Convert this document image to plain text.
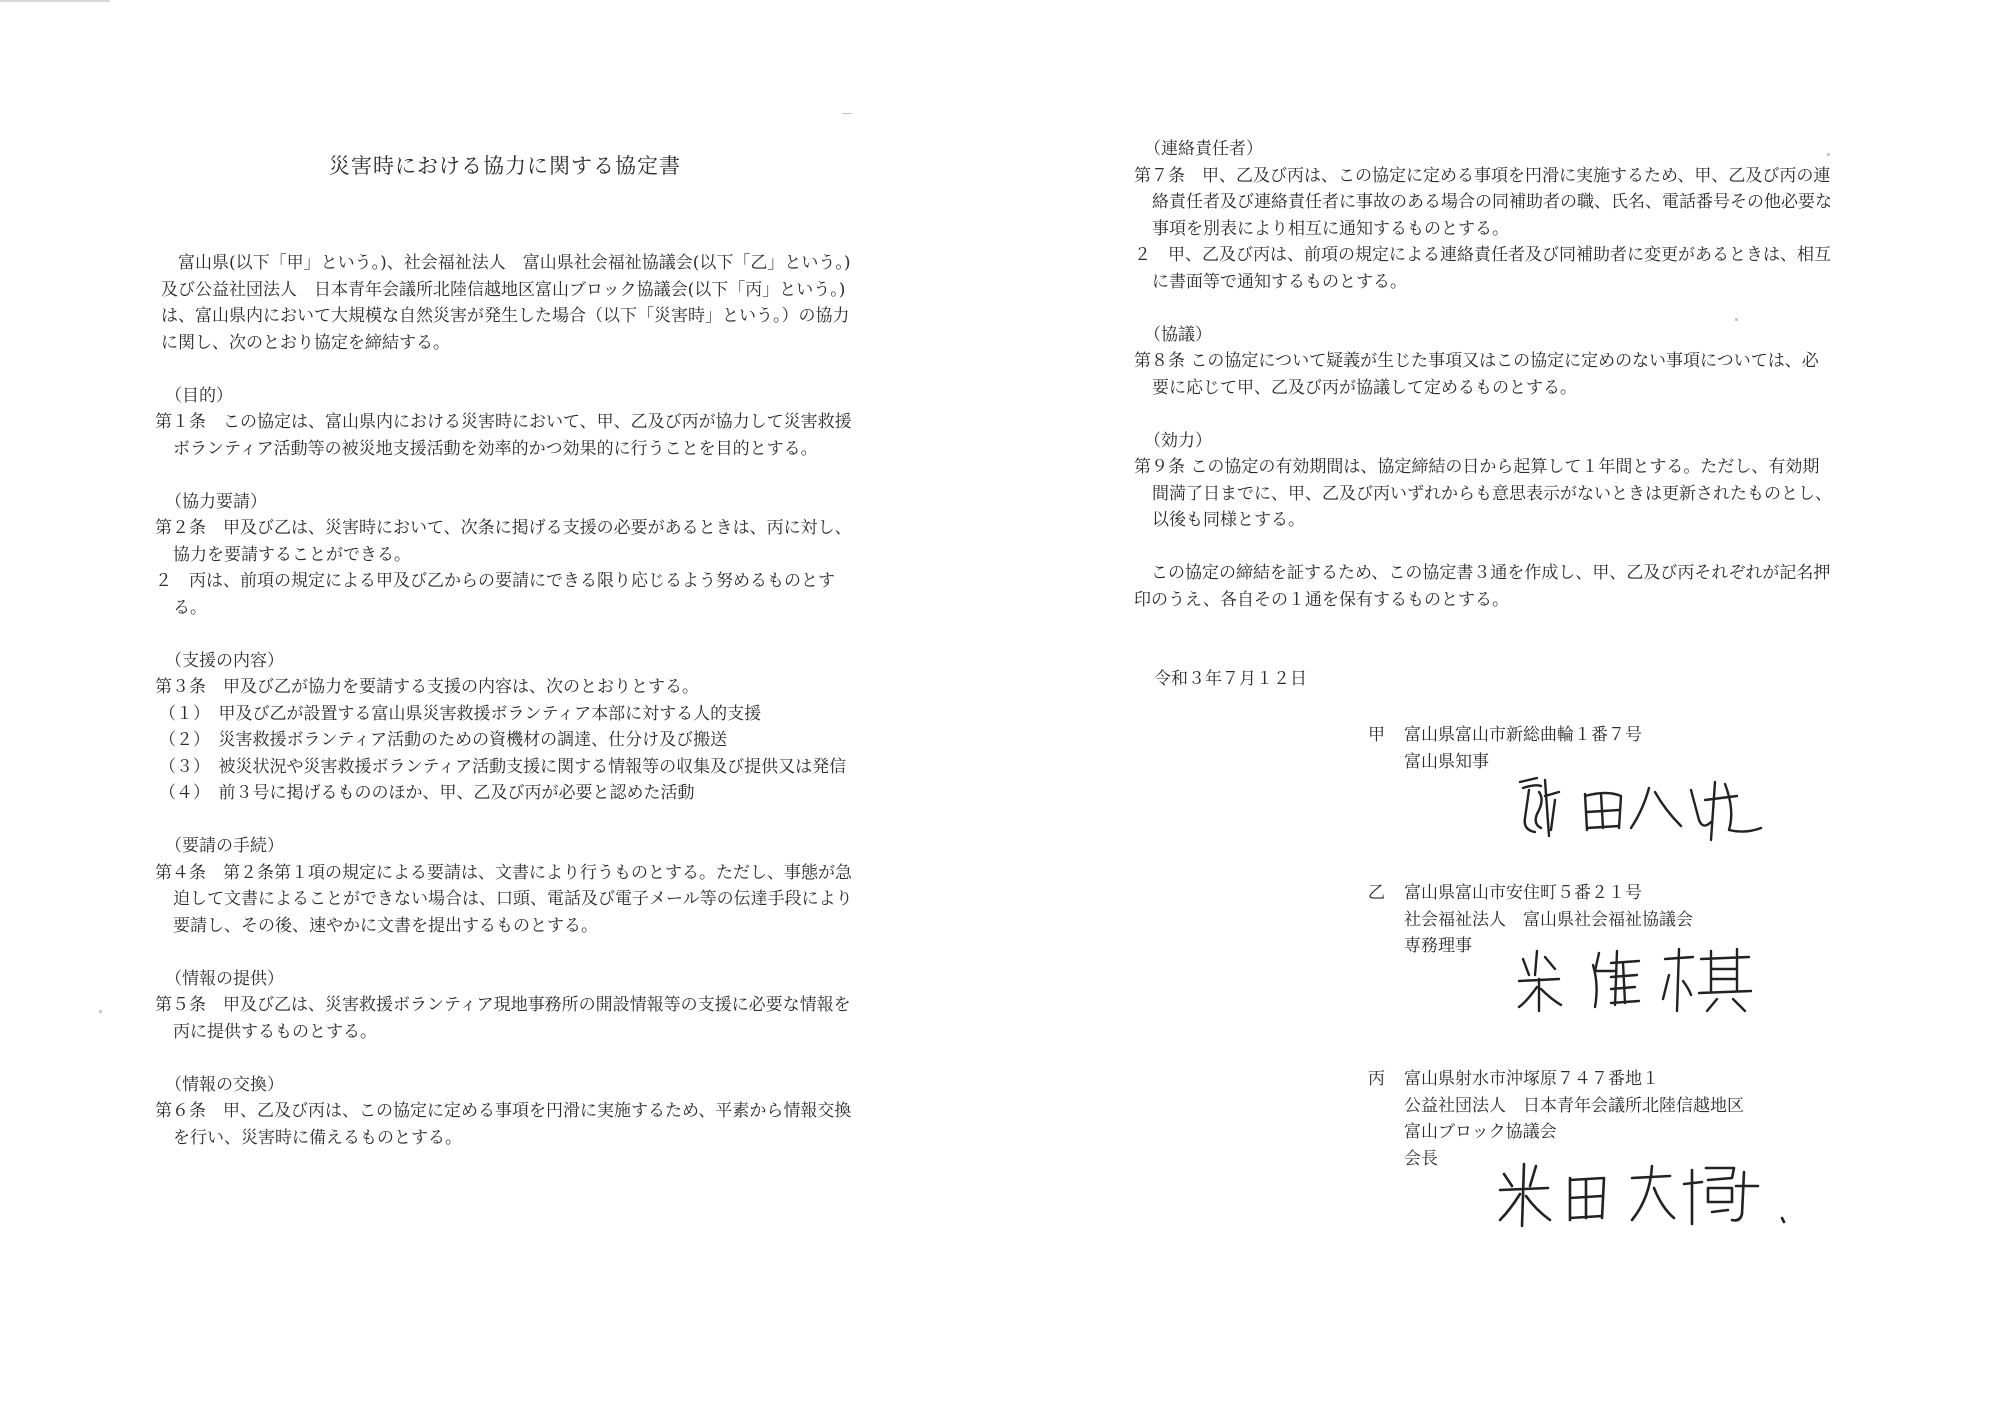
災害時における協力に関する協定書

富山県(以下「甲」という。)、社会福祉法人　富山県社会福祉協議会(以下「乙」という。)及び公益社団法人　日本青年会議所北陸信越地区富山ブロック協議会(以下「丙」という。)は、富山県内において大規模な自然災害が発生した場合（以下「災害時」という。）の協力に関し、次のとおり協定を締結する。

（目的）

第１条　この協定は、富山県内における災害時において、甲、乙及び丙が協力して災害救援ボランティア活動等の被災地支援活動を効率的かつ効果的に行うことを目的とする。

（協力要請）

第２条　甲及び乙は、災害時において、次条に掲げる支援の必要があるときは、丙に対し、協力を要請することができる。

２　丙は、前項の規定による甲及び乙からの要請にできる限り応じるよう努めるものとする。

（支援の内容）

第３条　甲及び乙が協力を要請する支援の内容は、次のとおりとする。

（１）　甲及び乙が設置する富山県災害救援ボランティア本部に対する人的支援

（２）　災害救援ボランティア活動のための資機材の調達、仕分け及び搬送

（３）　被災状況や災害救援ボランティア活動支援に関する情報等の収集及び提供又は発信

（４）　前３号に掲げるもののほか、甲、乙及び丙が必要と認めた活動

（要請の手続）

第４条　第２条第１項の規定による要請は、文書により行うものとする。ただし、事態が急迫して文書によることができない場合は、口頭、電話及び電子メール等の伝達手段により要請し、その後、速やかに文書を提出するものとする。

（情報の提供）

第５条　甲及び乙は、災害救援ボランティア現地事務所の開設情報等の支援に必要な情報を丙に提供するものとする。

（情報の交換）

第６条　甲、乙及び丙は、この協定に定める事項を円滑に実施するため、平素から情報交換を行い、災害時に備えるものとする。

（連絡責任者）

第７条　甲、乙及び丙は、この協定に定める事項を円滑に実施するため、甲、乙及び丙の連絡責任者及び連絡責任者に事故のある場合の同補助者の職、氏名、電話番号その他必要な事項を別表により相互に通知するものとする。

２　甲、乙及び丙は、前項の規定による連絡責任者及び同補助者に変更があるときは、相互に書面等で通知するものとする。

（協議）

第８条 この協定について疑義が生じた事項又はこの協定に定めのない事項については、必要に応じて甲、乙及び丙が協議して定めるものとする。

（効力）

第９条 この協定の有効期間は、協定締結の日から起算して１年間とする。ただし、有効期間満了日までに、甲、乙及び丙いずれからも意思表示がないときは更新されたものとし、以後も同様とする。

この協定の締結を証するため、この協定書３通を作成し、甲、乙及び丙それぞれが記名押印のうえ、各自その１通を保有するものとする。

令和３年７月１２日

甲 富山県富山市新総曲輪１番７号
富山県知事
乙 富山県富山市安住町５番２１号
社会福祉法人　富山県社会福祉協議会
専務理事
丙 富山県射水市沖塚原７４７番地１
公益社団法人　日本青年会議所北陸信越地区
富山ブロック協議会
会長
